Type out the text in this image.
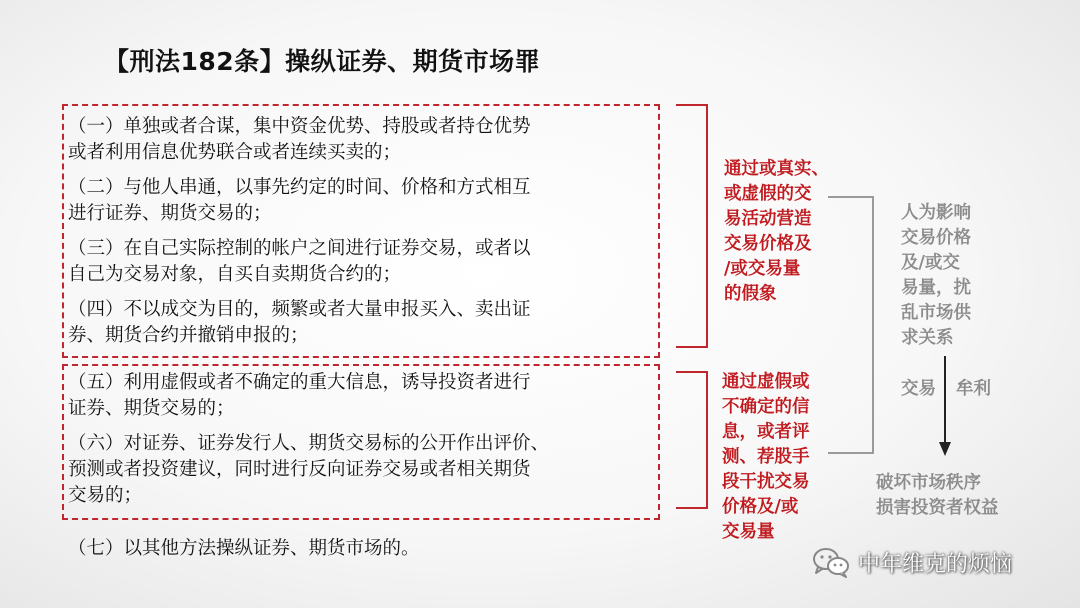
【刑法182条】操纵证券、期货市场罪
（一）单独或者合谋，集中资金优势、持股或者持仓优势
或者利用信息优势联合或者连续买卖的；
（二）与他人串通，以事先约定的时间、价格和方式相互
进行证券、期货交易的；
（三）在自己实际控制的帐户之间进行证券交易，或者以
自己为交易对象，自买自卖期货合约的；
（四）不以成交为目的，频繁或者大量申报买入、卖出证
券、期货合约并撤销申报的；
（五）利用虚假或者不确定的重大信息，诱导投资者进行
证券、期货交易的；
（六）对证券、证券发行人、期货交易标的公开作出评价、
预测或者投资建议，同时进行反向证券交易或者相关期货
交易的；
（七）以其他方法操纵证券、期货市场的。
通过或真实、
或虚假的交
易活动营造
交易价格及
/或交易量
的假象
通过虚假或
不确定的信
息，或者评
测、荐股手
段干扰交易
价格及/或
交易量
人为影响
交易价格
及/或交
易量，扰
乱市场供
求关系
交易 牟利
破坏市场秩序
损害投资者权益
中年维克的烦恼
